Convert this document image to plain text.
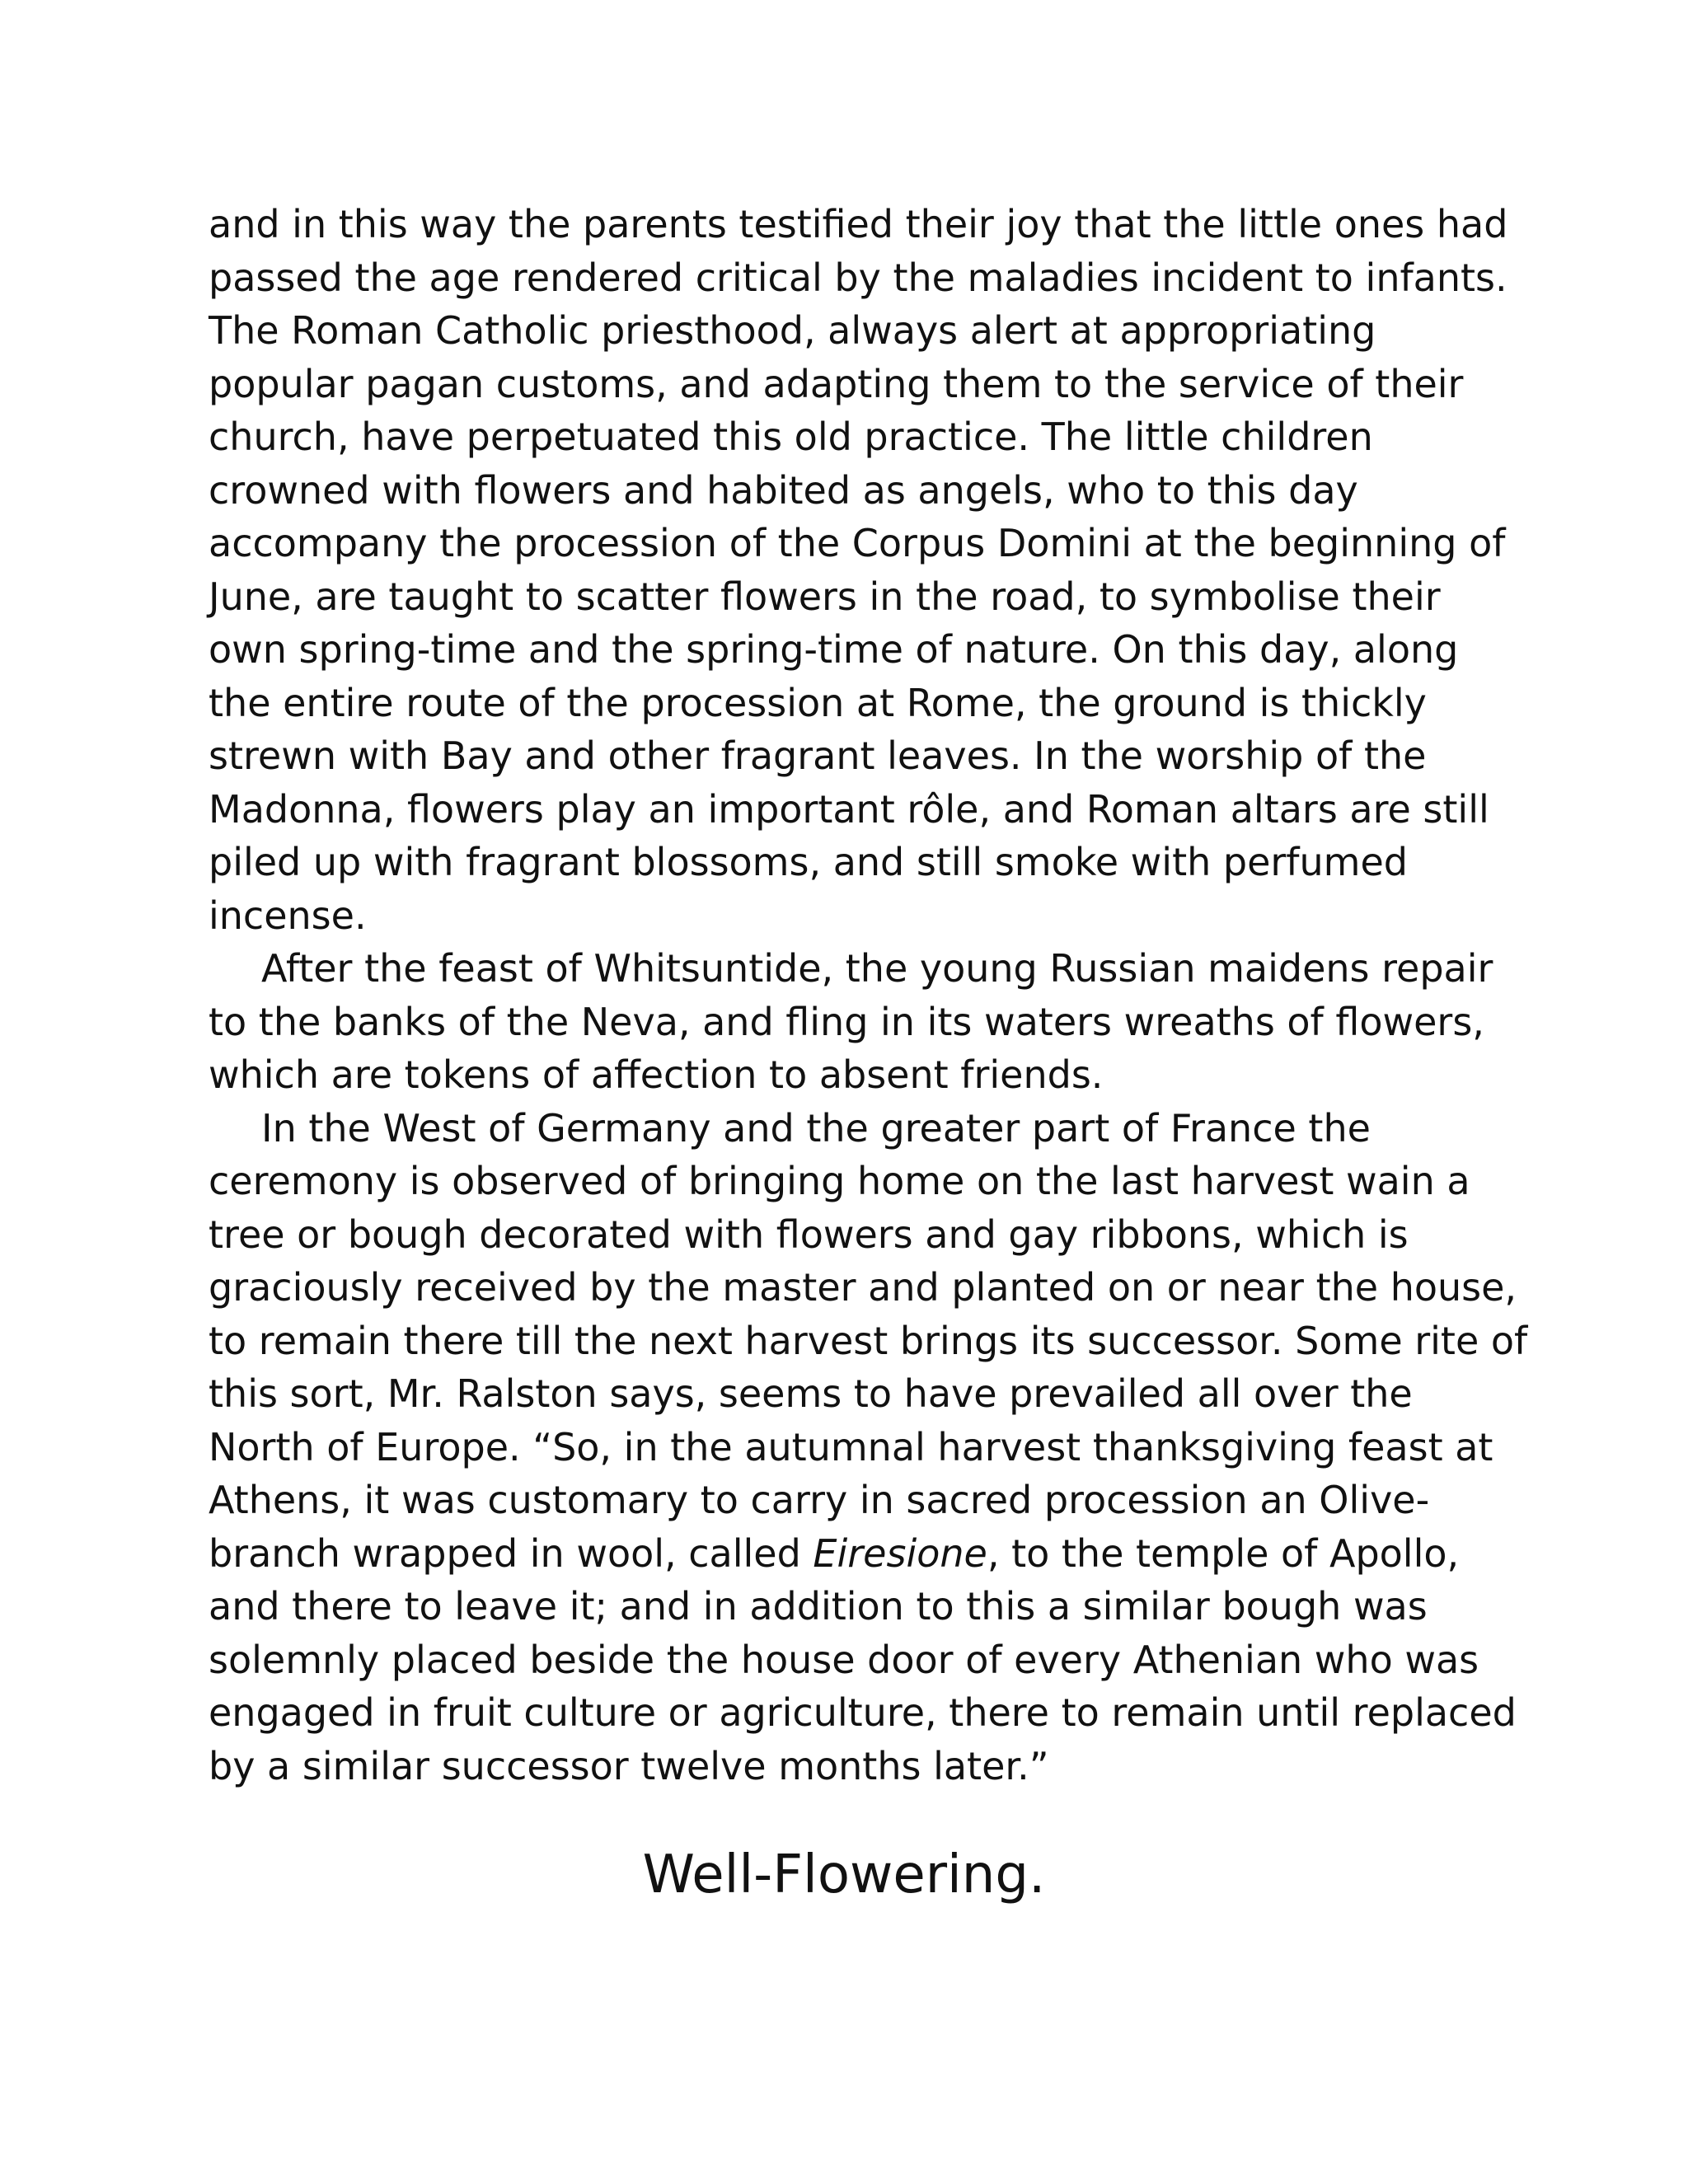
and in this way the parents testified their joy that the little ones had
passed the age rendered critical by the maladies incident to infants.
The Roman Catholic priesthood, always alert at appropriating
popular pagan customs, and adapting them to the service of their
church, have perpetuated this old practice. The little children
crowned with flowers and habited as angels, who to this day
accompany the procession of the Corpus Domini at the beginning of
June, are taught to scatter flowers in the road, to symbolise their
own spring-time and the spring-time of nature. On this day, along
the entire route of the procession at Rome, the ground is thickly
strewn with Bay and other fragrant leaves. In the worship of the
Madonna, flowers play an important rôle, and Roman altars are still
piled up with fragrant blossoms, and still smoke with perfumed
incense.
After the feast of Whitsuntide, the young Russian maidens repair
to the banks of the Neva, and fling in its waters wreaths of flowers,
which are tokens of affection to absent friends.
In the West of Germany and the greater part of France the
ceremony is observed of bringing home on the last harvest wain a
tree or bough decorated with flowers and gay ribbons, which is
graciously received by the master and planted on or near the house,
to remain there till the next harvest brings its successor. Some rite of
this sort, Mr. Ralston says, seems to have prevailed all over the
North of Europe. “So, in the autumnal harvest thanksgiving feast at
Athens, it was customary to carry in sacred procession an Olive-
branch wrapped in wool, called Eiresione, to the temple of Apollo,
and there to leave it; and in addition to this a similar bough was
solemnly placed beside the house door of every Athenian who was
engaged in fruit culture or agriculture, there to remain until replaced
by a similar successor twelve months later.”
Well-Flowering.
